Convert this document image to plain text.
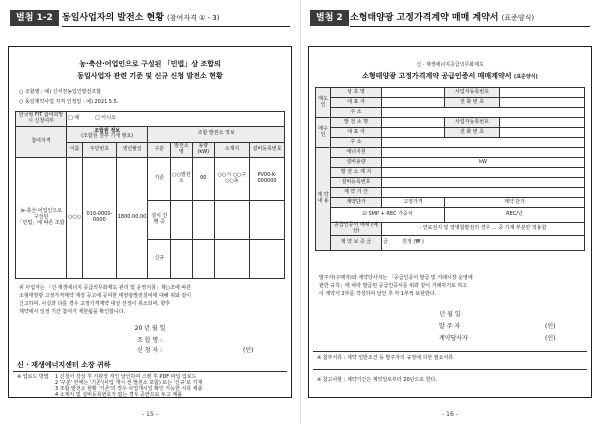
별첨 1-2	동일사업자의 발전소 현황 (참여자격 ① - 3)
농·축산·어업인으로 구성된 「민법」상 조합의
동일사업자 관련 기준 및 신규 신청 발전소 현황
○ 조합명 : 예) 신서천농업인발전조합
○ 동일계약사업 자격 인정일 : 예) 2021.5.5.
한국형 FIT 참여희망 시 신청여부	□ 예 □ 아니오							
참여자격	조합원 정보
(조합원 전부 기재 필요)			조합 발전소 정보				
	이름	주민번호	생년월일	구분	발전소명	용량 (kW)	소재지	설비등록번호
농·축산·어업인으로
구성된
「민법」에 따른 조합	○○○	010-0000-0000	1800.00.00	기존	○○발전소	00	○○시 ○○구 ○○동	PV00-K-000000
				설치 진행 중				
				신규				
위 사업자는 「신·재생에너지 공급의무화제도 관리 및 운영지침」제○조에 따른
소형태양광 고정가격계약 계정 공고에 공여한 태양광발전설비에 대해 위와 같이
신고하며, 사실과 다를 경우 고정가격계약 대상 선정이 취소되며, 향후
계약에서 일정 기간 참여가 제한됨을 확인합니다.
20 년 월 일
조 합 명 :
신 청 자 :	(인)
신 · 재생에너지센터 소장 귀하
※ 업로드 방법 1 신청서 작성 후 기관장 직인 날인하여 스캔 후 PDF 파일 업로드
2 '구분' 란에는 '기존'(사업 개시 전 발전소 포함) 또는 '신규'로 기재
3 조합 발전소 현황 '기존'의 경우 사업개시일 확인 가능한 서류 제출
4 소재지 및 설비등록번호가 없는 경우 공란으로 두고 제출
- 15 -
별첨 2 소형태양광 고정가격계약 매매 계약서 (표준양식)
신 · 재생에너지공급의무화제도
소형태양광 고정가격계약 공급인증서 매매계약서 (표준양식)
매도인	상 호 명		사업자등록번호	
	대 표 자		전 화 번 호	
	주 소			
매수인	발 전 소 명		사업자등록번호	
	대 표 자		전 화 번 호	
	주 소			
계 약 내 용	에너지원			
	설비용량	kW		
	발 전 소 재 지			
	설비등록번호			
	계 약 기 간			
	계약단가	고정가격	계약 단가	
	☑ SMP + REC 가중치		REC/년	
	공급인증서 매매 (예상)	· 연료전지 및 열병합발전의 경우 ... 중 기재 부분만 적용함		
	계 약 보 증 금	금 원정 (₩ )		
발주자(구매자)와 계약당사자는 「공급인증서 발급 및 거래시장 운영에
관한 규칙」에 따라 발급된 공급인증서를 위와 같이 거래하기로 하고
이 계약서 2부를 작성하여 날인 후 각 1부씩 보관한다.
년 월 일
발 주 자	(인)
계약당사자	(인)
※ 첨부서류 : 계약 일반조건 등 발주자의 규정에 의한 필요서류
※ 참고사항 : 계약기간은 계약일로부터 20년으로 한다.
- 16 -
